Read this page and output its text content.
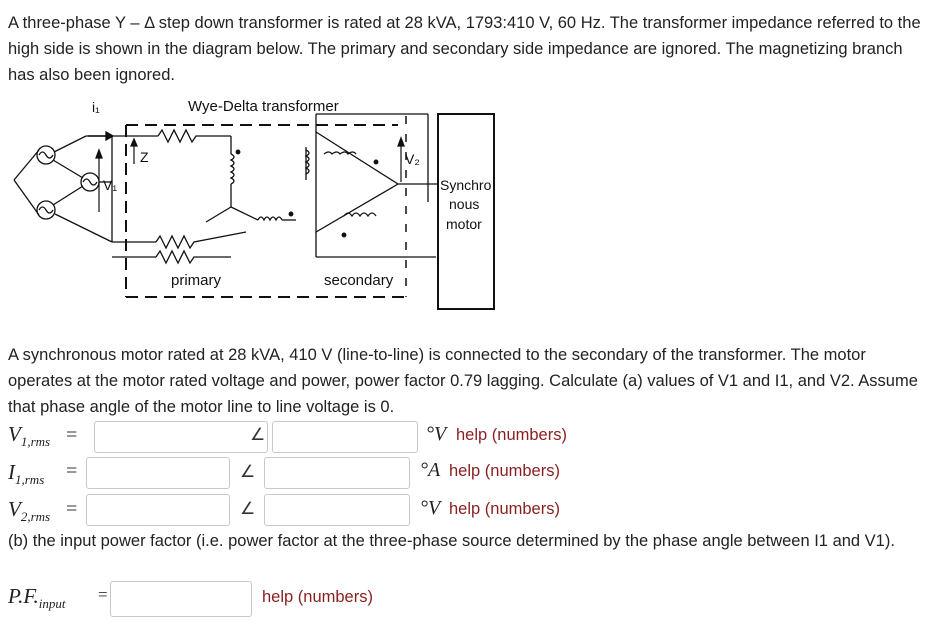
A three-phase Y – Δ step down transformer is rated at 28 kVA, 1793:410 V, 60 Hz. The transformer impedance referred to the high side is shown in the diagram below. The primary and secondary side impedance are ignored. The magnetizing branch has also been ignored.
Wye-Delta transformer
i₁
Z
V₁
V₂
primary	secondary
Synchro
nous
motor
A synchronous motor rated at 28 kVA, 410 V (line-to-line) is connected to the secondary of the transformer. The motor operates at the motor rated voltage and power, power factor 0.79 lagging. Calculate (a) values of V1 and I1, and V2. Assume that phase angle of the motor line to line voltage is 0.
$V_{1,rms}$ =	∠	°V help (numbers)
$I_{1,rms}$ =	∠	°A help (numbers)
$V_{2,rms}$ =	∠	°V help (numbers)
(b) the input power factor (i.e. power factor at the three-phase source determined by the phase angle between I1 and V1).
$P.F._{input}$ =	help (numbers)
